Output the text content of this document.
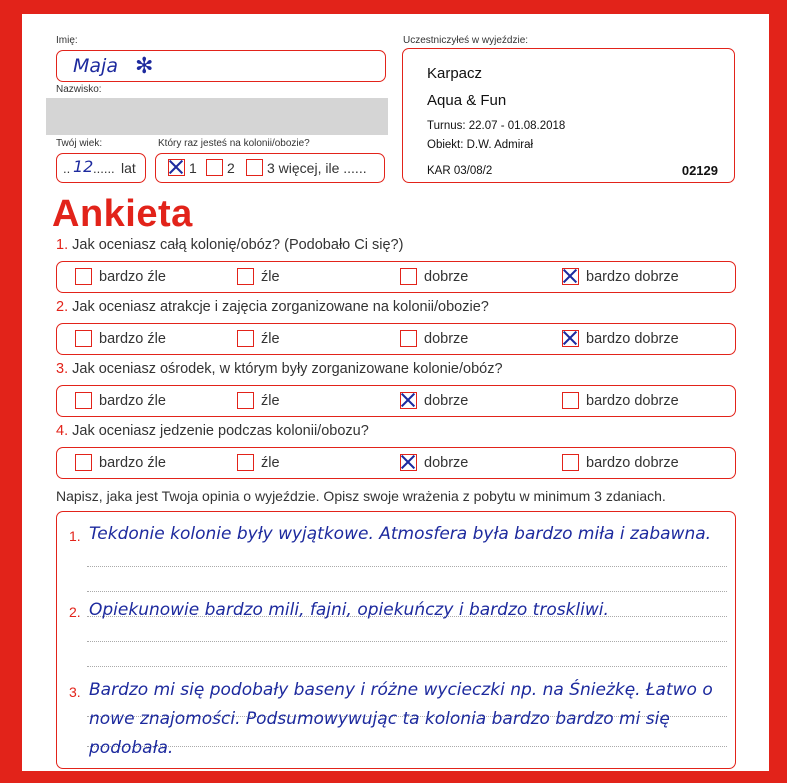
Imię:
Maja ✻
Nazwisko:
Twój wiek:
.. 12 ...... lat
Który raz jesteś na kolonii/obozie?
1 2 3 więcej, ile ......
Uczestniczyłeś w wyjeździe:
Karpacz
Aqua & Fun
Turnus: 22.07 - 01.08.2018
Obiekt: D.W. Admirał
KAR 03/08/2	02129
Ankieta
1. Jak oceniasz całą kolonię/obóz? (Podobało Ci się?)
bardzo źle	źle	dobrze	bardzo dobrze
2. Jak oceniasz atrakcje i zajęcia zorganizowane na kolonii/obozie?
bardzo źle	źle	dobrze	bardzo dobrze
3. Jak oceniasz ośrodek, w którym były zorganizowane kolonie/obóz?
bardzo źle	źle	dobrze	bardzo dobrze
4. Jak oceniasz jedzenie podczas kolonii/obozu?
bardzo źle	źle	dobrze	bardzo dobrze
Napisz, jaka jest Twoja opinia o wyjeździe. Opisz swoje wrażenia z pobytu w minimum 3 zdaniach.
1. Tekdonie kolonie były wyjątkowe. Atmosfera była bardzo miła i zabawna.
2. Opiekunowie bardzo mili, fajni, opiekuńczy i bardzo troskliwi.
3. Bardzo mi się podobały baseny i różne wycieczki np. na Śnieżkę. Łatwo o nowe znajomości. Podsumowywując ta kolonia bardzo bardzo mi się podobała.
